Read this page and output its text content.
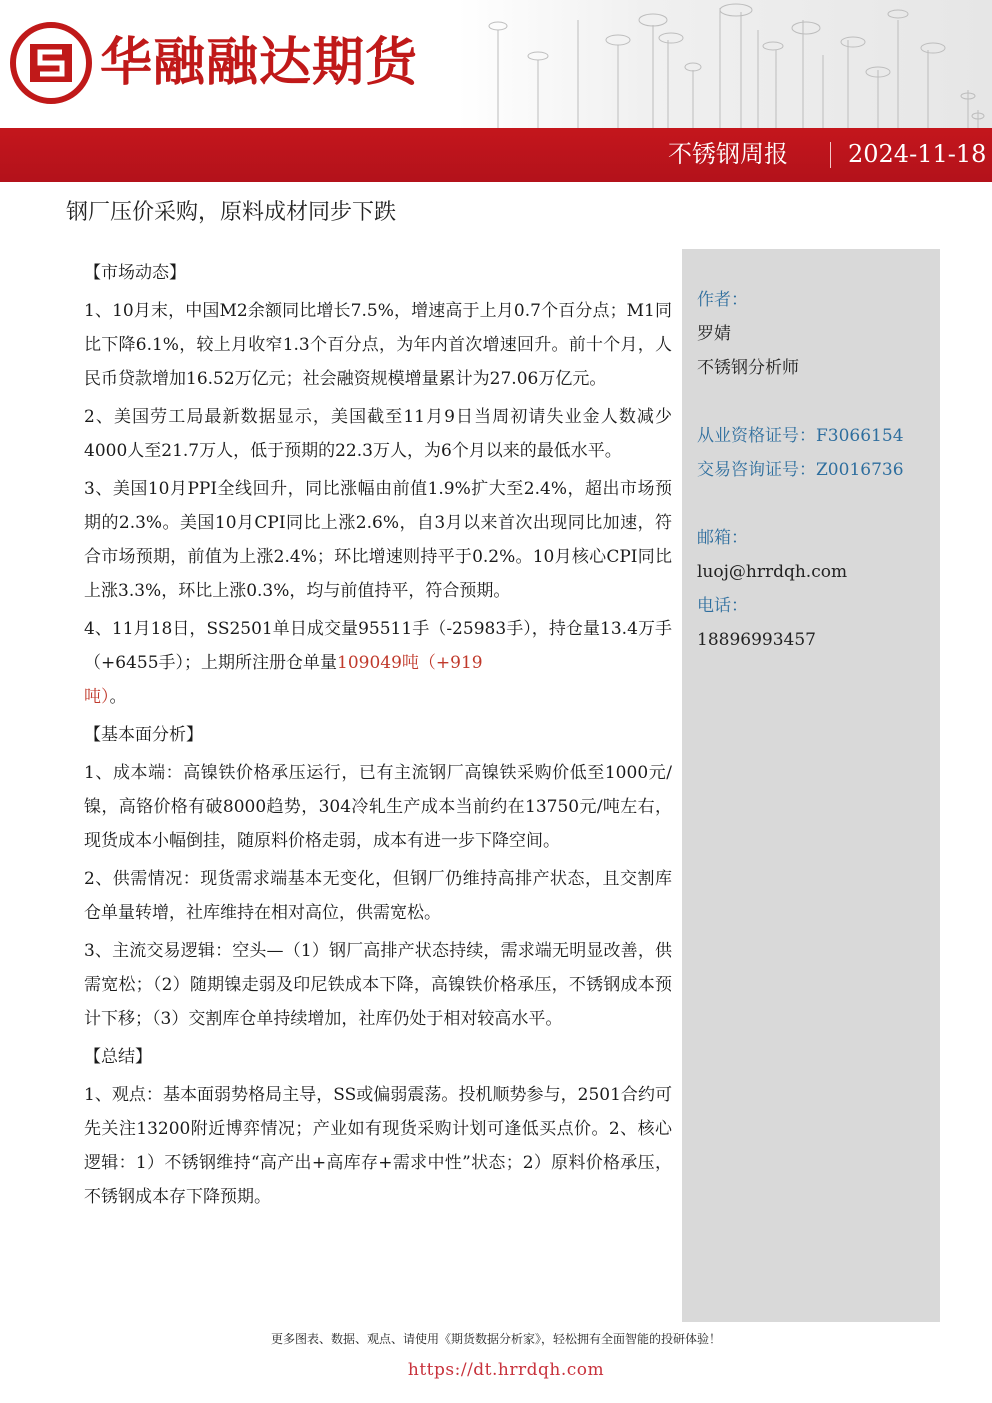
华融融达期货
不锈钢周报	2024-11-18
钢厂压价采购，原料成材同步下跌
【市场动态】

1、10月末，中国M2余额同比增长7.5%，增速高于上月0.7个百分点；M1同比下降6.1%，较上月收窄1.3个百分点，为年内首次增速回升。前十个月，人民币贷款增加16.52万亿元；社会融资规模增量累计为27.06万亿元。

2、美国劳工局最新数据显示，美国截至11月9日当周初请失业金人数减少4000人至21.7万人，低于预期的22.3万人，为6个月以来的最低水平。

3、美国10月PPI全线回升，同比涨幅由前值1.9%扩大至2.4%，超出市场预期的2.3%。美国10月CPI同比上涨2.6%，自3月以来首次出现同比加速，符合市场预期，前值为上涨2.4%；环比增速则持平于0.2%。10月核心CPI同比上涨3.3%，环比上涨0.3%，均与前值持平，符合预期。

4、11月18日，SS2501单日成交量95511手（-25983手），持仓量13.4万手（+6455手）；上期所注册仓单量109049吨（+919
吨）。

【基本面分析】

1、成本端：高镍铁价格承压运行，已有主流钢厂高镍铁采购价低至1000元/镍，高铬价格有破8000趋势，304冷轧生产成本当前约在13750元/吨左右，现货成本小幅倒挂，随原料价格走弱，成本有进一步下降空间。

2、供需情况：现货需求端基本无变化，但钢厂仍维持高排产状态，且交割库仓单量转增，社库维持在相对高位，供需宽松。

3、主流交易逻辑：空头—（1）钢厂高排产状态持续，需求端无明显改善，供需宽松；（2）随期镍走弱及印尼铁成本下降，高镍铁价格承压，不锈钢成本预计下移；（3）交割库仓单持续增加，社库仍处于相对较高水平。

【总结】

1、观点：基本面弱势格局主导，SS或偏弱震荡。投机顺势参与，2501合约可先关注13200附近博弈情况；产业如有现货采购计划可逢低买点价。2、核心逻辑：1）不锈钢维持“高产出+高库存+需求中性”状态；2）原料价格承压，不锈钢成本存下降预期。

作者：
罗婧
不锈钢分析师
从业资格证号：F3066154
交易咨询证号：Z0016736
邮箱：
luoj@hrrdqh.com
电话：
18896993457
更多图表、数据、观点、请使用《期货数据分析家》，轻松拥有全面智能的投研体验！
https://dt.hrrdqh.com
